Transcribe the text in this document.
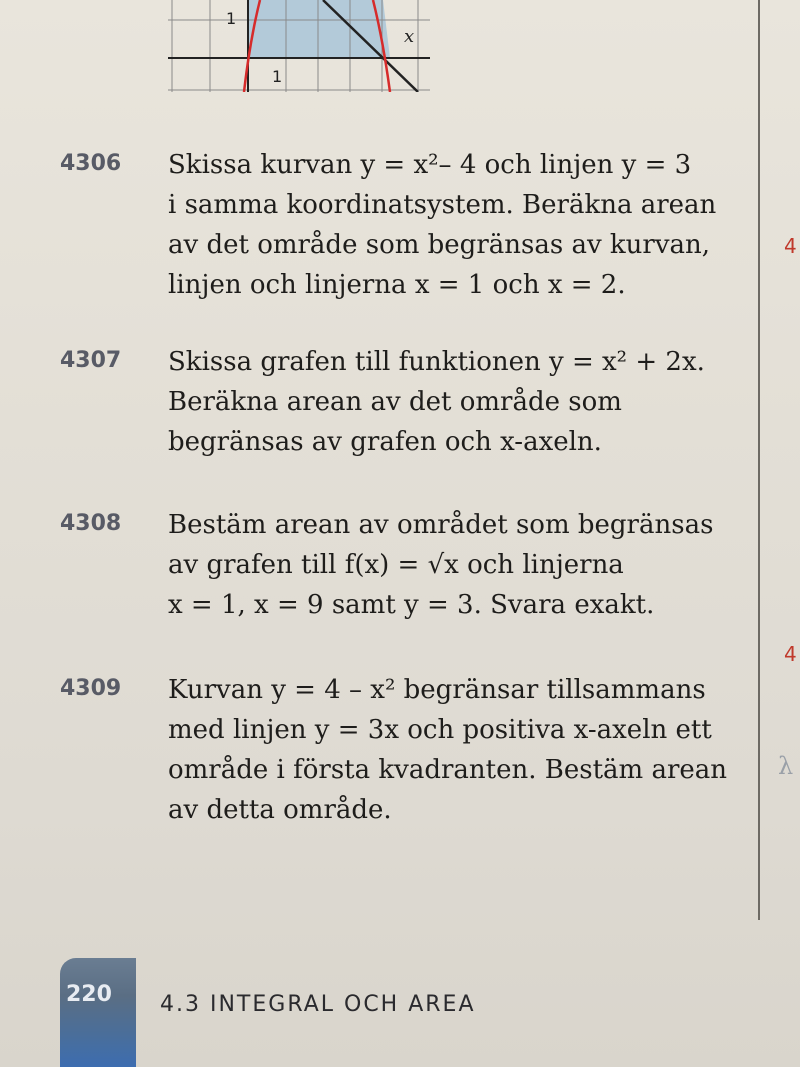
1
1
x
4
4
λ
4306	Skissa kurvan y = x²– 4 och linjen y = 3
i samma koordinatsystem. Beräkna arean
av det område som begränsas av kurvan,
linjen och linjerna x = 1 och x = 2.

4307	Skissa grafen till funktionen y = x² + 2x.
Beräkna arean av det område som
begränsas av grafen och x-axeln.

4308	Bestäm arean av området som begränsas
av grafen till f(x) = √x och linjerna
x = 1, x = 9 samt y = 3. Svara exakt.

4309	Kurvan y = 4 – x² begränsar tillsammans
med linjen y = 3x och positiva x-axeln ett
område i första kvadranten. Bestäm arean
av detta område.

220 4.3 INTEGRAL OCH AREA
